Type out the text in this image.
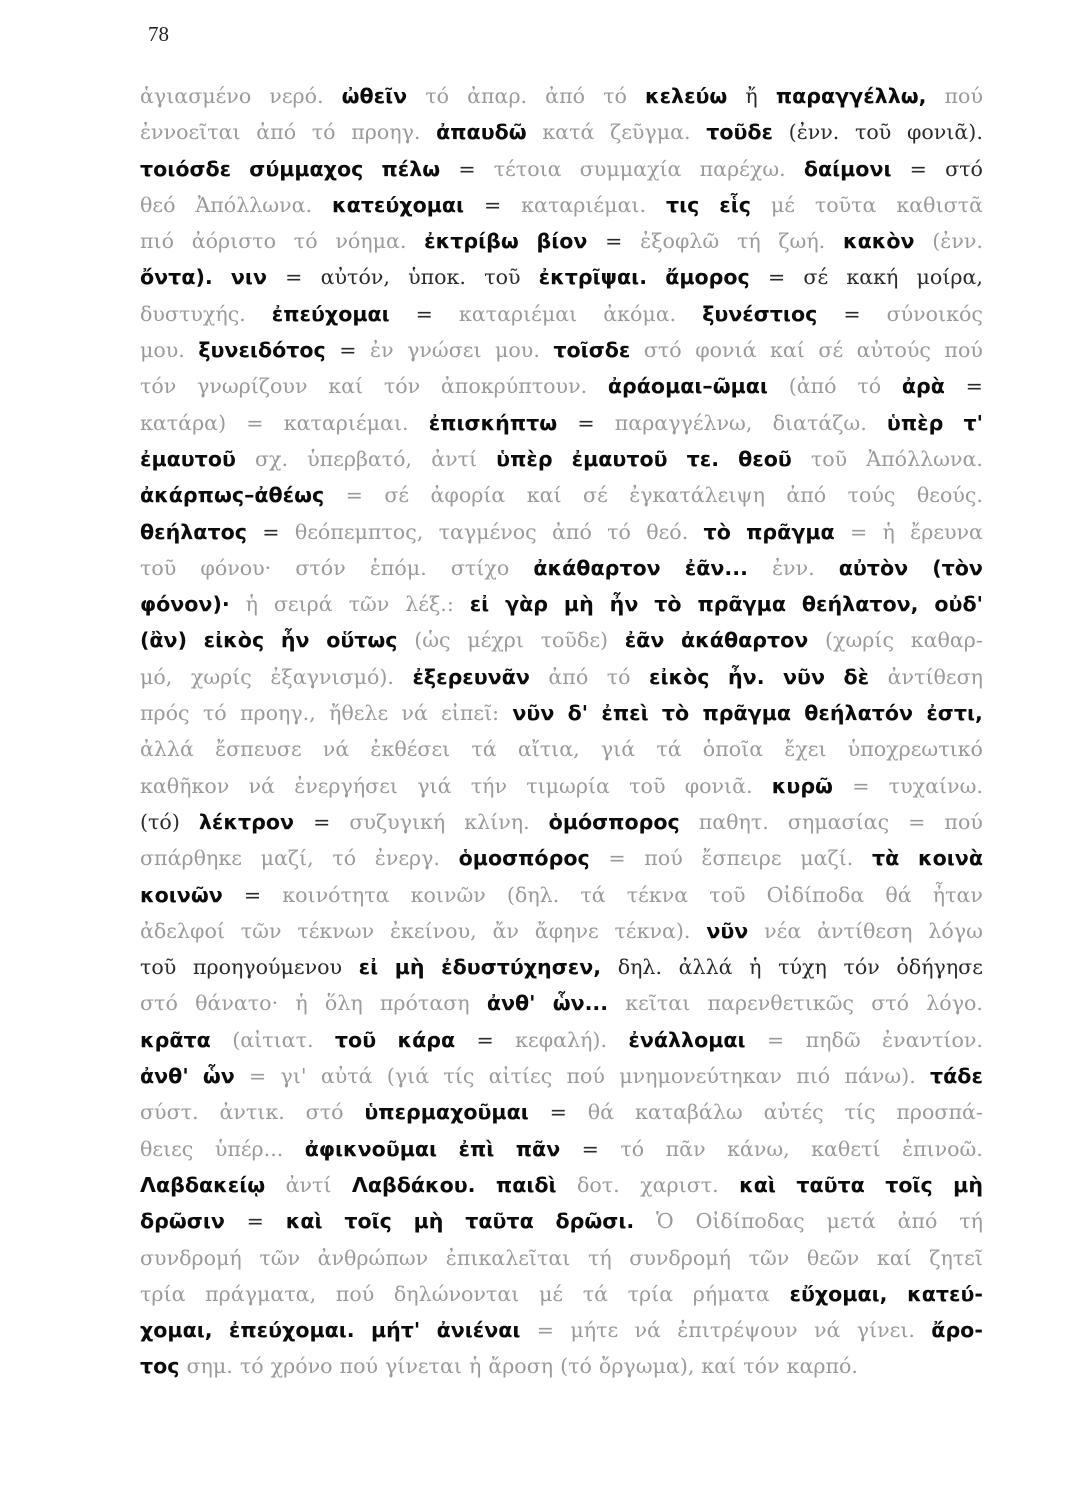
78
ἁγιασμένο νερό. ὠθεῖν τό ἀπαρ. ἀπό τό κελεύω ἤ παραγγέλλω, πού
ἐννοεῖται ἀπό τό προηγ. ἀπαυδῶ κατά ζεῦγμα. τοῦδε (ἐνν. τοῦ φονιᾶ).
τοιόσδε σύμμαχος πέλω = τέτοια συμμαχία παρέχω. δαίμονι = στό
θεό Ἀπόλλωνα. κατεύχομαι = καταριέμαι. τις εἷς μέ τοῦτα καθιστᾶ
πιό ἀόριστο τό νόημα. ἐκτρίβω βίον = ἐξοφλῶ τή ζωή. κακὸν (ἐνν.
ὄντα). νιν = αὐτόν, ὑποκ. τοῦ ἐκτρῖψαι. ἄμορος = σέ κακή μοίρα,
δυστυχής. ἐπεύχομαι = καταριέμαι ἀκόμα. ξυνέστιος = σύνοικός
μου. ξυνειδότος = ἐν γνώσει μου. τοῖσδε στό φονιά καί σέ αὐτούς πού
τόν γνωρίζουν καί τόν ἀποκρύπτουν. ἀράομαι–ῶμαι (ἀπό τό ἀρὰ =
κατάρα) = καταριέμαι. ἐπισκήπτω = παραγγέλνω, διατάζω. ὑπὲρ τ'
ἐμαυτοῦ σχ. ὑπερβατό, ἀντί ὑπὲρ ἐμαυτοῦ τε. θεοῦ τοῦ Ἀπόλλωνα.
ἀκάρπως–ἀθέως = σέ ἀφορία καί σέ ἐγκατάλειψη ἀπό τούς θεούς.
θεήλατος = θεόπεμπτος, ταγμένος ἀπό τό θεό. τὸ πρᾶγμα = ἡ ἔρευνα
τοῦ φόνου· στόν ἑπόμ. στίχο ἀκάθαρτον ἐᾶν... ἐνν. αὐτὸν (τὸν
φόνον)· ἡ σειρά τῶν λέξ.: εἰ γὰρ μὴ ἦν τὸ πρᾶγμα θεήλατον, οὐδ'
(ἂν) εἰκὸς ἦν οὕτως (ὡς μέχρι τοῦδε) ἐᾶν ἀκάθαρτον (χωρίς καθαρ-
μό, χωρίς ἐξαγνισμό). ἐξερευνᾶν ἀπό τό εἰκὸς ἦν. νῦν δὲ ἀντίθεση
πρός τό προηγ., ἤθελε νά εἰπεῖ: νῦν δ' ἐπεὶ τὸ πρᾶγμα θεήλατόν ἐστι,
ἀλλά ἔσπευσε νά ἐκθέσει τά αἴτια, γιά τά ὁποῖα ἔχει ὑποχρεωτικό
καθῆκον νά ἐνεργήσει γιά τήν τιμωρία τοῦ φονιᾶ. κυρῶ = τυχαίνω.
(τό) λέκτρον = συζυγική κλίνη. ὁμόσπορος παθητ. σημασίας = πού
σπάρθηκε μαζί, τό ἐνεργ. ὁμοσπόρος = πού ἔσπειρε μαζί. τὰ κοινὰ
κοινῶν = κοινότητα κοινῶν (δηλ. τά τέκνα τοῦ Οἰδίποδα θά ἦταν
ἀδελφοί τῶν τέκνων ἐκείνου, ἄν ἄφηνε τέκνα). νῦν νέα ἀντίθεση λόγω
τοῦ προηγούμενου εἰ μὴ ἐδυστύχησεν, δηλ. ἀλλά ἡ τύχη τόν ὁδήγησε
στό θάνατο· ἡ ὅλη πρόταση ἀνθ' ὧν... κεῖται παρενθετικῶς στό λόγο.
κρᾶτα (αἰτιατ. τοῦ κάρα = κεφαλή). ἐνάλλομαι = πηδῶ ἐναντίον.
ἀνθ' ὧν = γι' αὐτά (γιά τίς αἰτίες πού μνημονεύτηκαν πιό πάνω). τάδε
σύστ. ἀντικ. στό ὑπερμαχοῦμαι = θά καταβάλω αὐτές τίς προσπά-
θειες ὑπέρ... ἀφικνοῦμαι ἐπὶ πᾶν = τό πᾶν κάνω, καθετί ἐπινοῶ.
Λαβδακείῳ ἀντί Λαβδάκου. παιδὶ δοτ. χαριστ. καὶ ταῦτα τοῖς μὴ
δρῶσιν = καὶ τοῖς μὴ ταῦτα δρῶσι. Ὁ Οἰδίποδας μετά ἀπό τή
συνδρομή τῶν ἀνθρώπων ἐπικαλεῖται τή συνδρομή τῶν θεῶν καί ζητεῖ
τρία πράγματα, πού δηλώνονται μέ τά τρία ρήματα εὔχομαι, κατεύ-
χομαι, ἐπεύχομαι. μήτ' ἀνιέναι = μήτε νά ἐπιτρέψουν νά γίνει. ἄρο-
τος σημ. τό χρόνο πού γίνεται ἡ ἄροση (τό ὄργωμα), καί τόν καρπό.
